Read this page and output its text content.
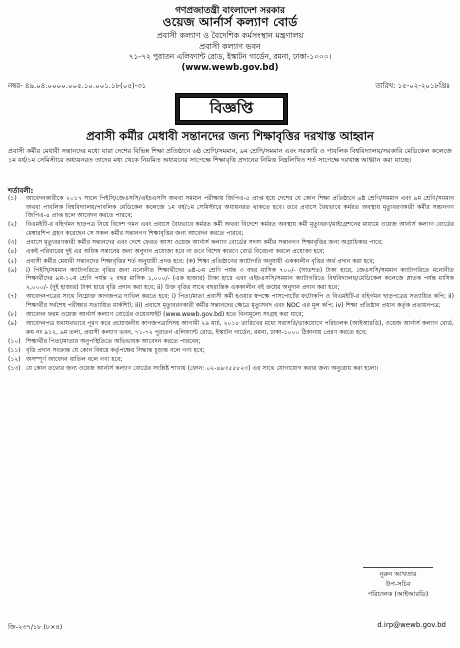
গণপ্রজাতন্ত্রী বাংলাদেশ সরকার
ওয়েজ আর্নার্স কল্যাণ বোর্ড
প্রবাসী কল্যাণ ও বৈদেশিক কর্মসংস্থান মন্ত্রণালয়
প্রবাসী কল্যাণ ভবন
৭১-৭২ পুরাতন এলিফ্যান্ট রোড, ইস্কাটন গার্ডেন, রমনা, ঢাকা-১০০০।
(www.wewb.gov.bd)
নম্বর- ৪৯.০৪.০০০০.০০৫.১০.০০১.১৮(০৫)-৩১	তারিখ: ১৫-০২-২০১৮খ্রিঃ
বিজ্ঞপ্তি
প্রবাসী কর্মীর মেধাবী সন্তানদের জন্য শিক্ষাবৃত্তির দরখাস্ত আহ্বান
প্রবাসী কর্মীর মেধাবী সন্তানদের মধ্যে যারা দেশের বিভিন্ন শিক্ষা প্রতিষ্ঠানে ৬ষ্ঠ শ্রেণি/সমমান, ৯ম শ্রেণি/সমমান এবং সরকারি ও পাবলিক বিশ্ববিদ্যালয়/সরকারি মেডিকেল কলেজে ১ম বর্ষ/১ম সেমিস্টারে অধ্যয়নরত তাদের মধ্য থেকে নিয়মিত অধ্যয়নের সাপেক্ষে শিক্ষাবৃত্তি প্রদানের নিমিত্ত নিম্নলিখিত শর্ত সাপেক্ষে দরখাস্ত আহ্বান করা যাচ্ছে।
শর্তাবলী:
(১)	আবেদনকারীকে ২০১৭ সালে পিইসি/জেএসসি/এইচএসসি অথবা সমমান পরীক্ষায় জিপিএ-৫ প্রাপ্ত হয়ে দেশের যে কোন শিক্ষা প্রতিষ্ঠানে ৬ষ্ঠ শ্রেণি/সমমান এবং ৯ম শ্রেণি/সমমান অথবা পাবলিক বিশ্ববিদ্যালয়/পাবলিক মেডিকেল কলেজে ১ম বর্ষ/১ম সেমিস্টারে অধ্যয়নরত থাকতে হবে। তবে প্রবাসে বৈধভাবে কর্মরত অবস্থায় মৃত্যুবরণকারী কর্মীর সন্তানগণ জিপিএ-৪ প্রাপ্ত হলে আবেদন করতে পারবে;
(২)	বিএমইটি-র বহির্গমন ছাড়পত্র নিয়ে বিদেশ গমন এবং প্রবাসে বৈধভাবে কর্মরত কর্মী অথবা বিদেশে কর্মরত অবস্থায় কর্মী মৃত্যুবরণ/মাইগ্রেশনের মাধ্যমে ওয়েজ আর্নার্স কল্যাণ বোর্ডের মেম্বারশিপ গ্রহণ করেছেন সে সকল কর্মীর সন্তানগণ শিক্ষাবৃত্তির জন্য আবেদন করতে পারবে;
(৩)	প্রবাসে মৃত্যুবরণকারী কর্মীর সন্তানদের এবং দেশে ফেরত আসা ওয়েজ আর্নার্স কল্যাণ বোর্ডের সদস্য কর্মীর সন্তানগণ শিক্ষাবৃত্তির জন্য অগ্রাধিকার পাবে;
(৪)	একই পরিবারের দুই এর অধিক সন্তানের জন্য অনুদান প্রযোজ্য হবে না তবে বিশেষ কারণে বোর্ড বিবেচনা করলে প্রযোজ্য হবে;
(৫)	প্রবাসী কর্মীর মেধাবী সন্তানদের শিক্ষাবৃত্তির শর্ত অনুযায়ী প্রদত্ত হবে: (ক) শিক্ষা প্রতিষ্ঠানের ক্যাটাগরি অনুযায়ী এককালীন বৃত্তির অর্থ প্রদান করা হবে;
(৬)	i) পিইসি/সমমান ক্যাটাগরিতে বৃত্তির জন্য মনোনীত শিক্ষার্থীদের ৬ষ্ঠ-৮ম শ্রেণি পর্যন্ত ৩ বছর মাসিক ৭০০/- (সাতশত) টাকা হারে, জেএসসি/সমমান ক্যাটাগরিতে মনোনীত শিক্ষার্থীদের ৯ম-১০ম শ্রেণি পর্যন্ত ২ বছর মাসিক ১,০০০/- (এক হাজার) টাকা হারে এবং এইচএসসি/সমমান ক্যাটাগরিতে বিশ্ববিদ্যালয়/মেডিকেল কলেজে স্নাতক পর্যন্ত মাসিক ২,০০০/- (দুই হাজার) টাকা হারে বৃত্তি প্রদান করা হবে; ii) উক্ত বৃত্তির সাথে বছরান্তিক এককালীন বই ক্রয়ের অনুদান প্রদান করা হবে;
(৭)	আবেদনপত্রের সাথে নিম্নোক্ত কাগজপত্র দাখিল করতে হবে: i) পিতা/মাতা প্রবাসী কর্মী হওয়ার স্বপক্ষে পাসপোর্টের ফটোকপি ও বিএমইটি-র বহির্গমন ছাড়পত্রের সত্যায়িত কপি; ii) শিক্ষার্থীর সর্বশেষ পরীক্ষার সত্যায়িত মার্কশিট; iii) প্রবাসে মৃত্যুবরণকারী কর্মীর সন্তানদের ক্ষেত্রে মৃত্যুসনদ এবং NOC এর মূল কপি; iv) শিক্ষা প্রতিষ্ঠান প্রধান কর্তৃক প্রত্যয়নপত্র;
(৮)	আবেদন ফরম ওয়েজ আর্নার্স কল্যাণ বোর্ডের ওয়েবসাইট (www.wewb.gov.bd) হতে বিনামূল্যে সংগ্রহ করা যাবে;
(৯)	আবেদনপত্র যথাযথভাবে পূরণ করে প্রয়োজনীয় কাগজপত্রাদিসহ আগামী ২৯ মার্চ, ২০১৮ তারিখের মধ্যে সরাসরি/ডাকযোগে পরিচালক (আইআরডি), ওয়েজ আর্নার্স কল্যাণ বোর্ড, রুম নং ৯১২, ৯ম তলা, প্রবাসী কল্যাণ ভবন, ৭১-৭২ পুরাতন এলিফ্যান্ট রোড, ইস্কাটন গার্ডেন, রমনা, ঢাকা-১০০০ ঠিকানায় প্রেরণ করতে হবে;
(১০) শিক্ষার্থীর পিতা/মাতার অনুপস্থিতিতে অভিভাবক আবেদন করতে পারবেন;
(১১) বৃত্তি প্রদান সংক্রান্ত যে কোন বিষয়ে কর্তৃপক্ষের সিদ্ধান্ত চূড়ান্ত বলে গণ্য হবে;
(১২) অসম্পূর্ণ আবেদন বাতিল বলে গণ্য হবে;
(১৩) যে কোন তথ্যের জন্য ওয়েজ আর্নার্স কল্যাণ বোর্ডের সংশ্লিষ্ট শাখায় (ফোন: ০২-৪৯৩৫৫৮২৩) এর সাথে যোগাযোগ করার জন্য অনুরোধ করা হলো।
নূরুন আখতার
উপ-সচিব
পরিচালক (আইআরডি)
জি-২৩৭/১৮ (৮×৪)	d.irp@wewb.gov.bd
